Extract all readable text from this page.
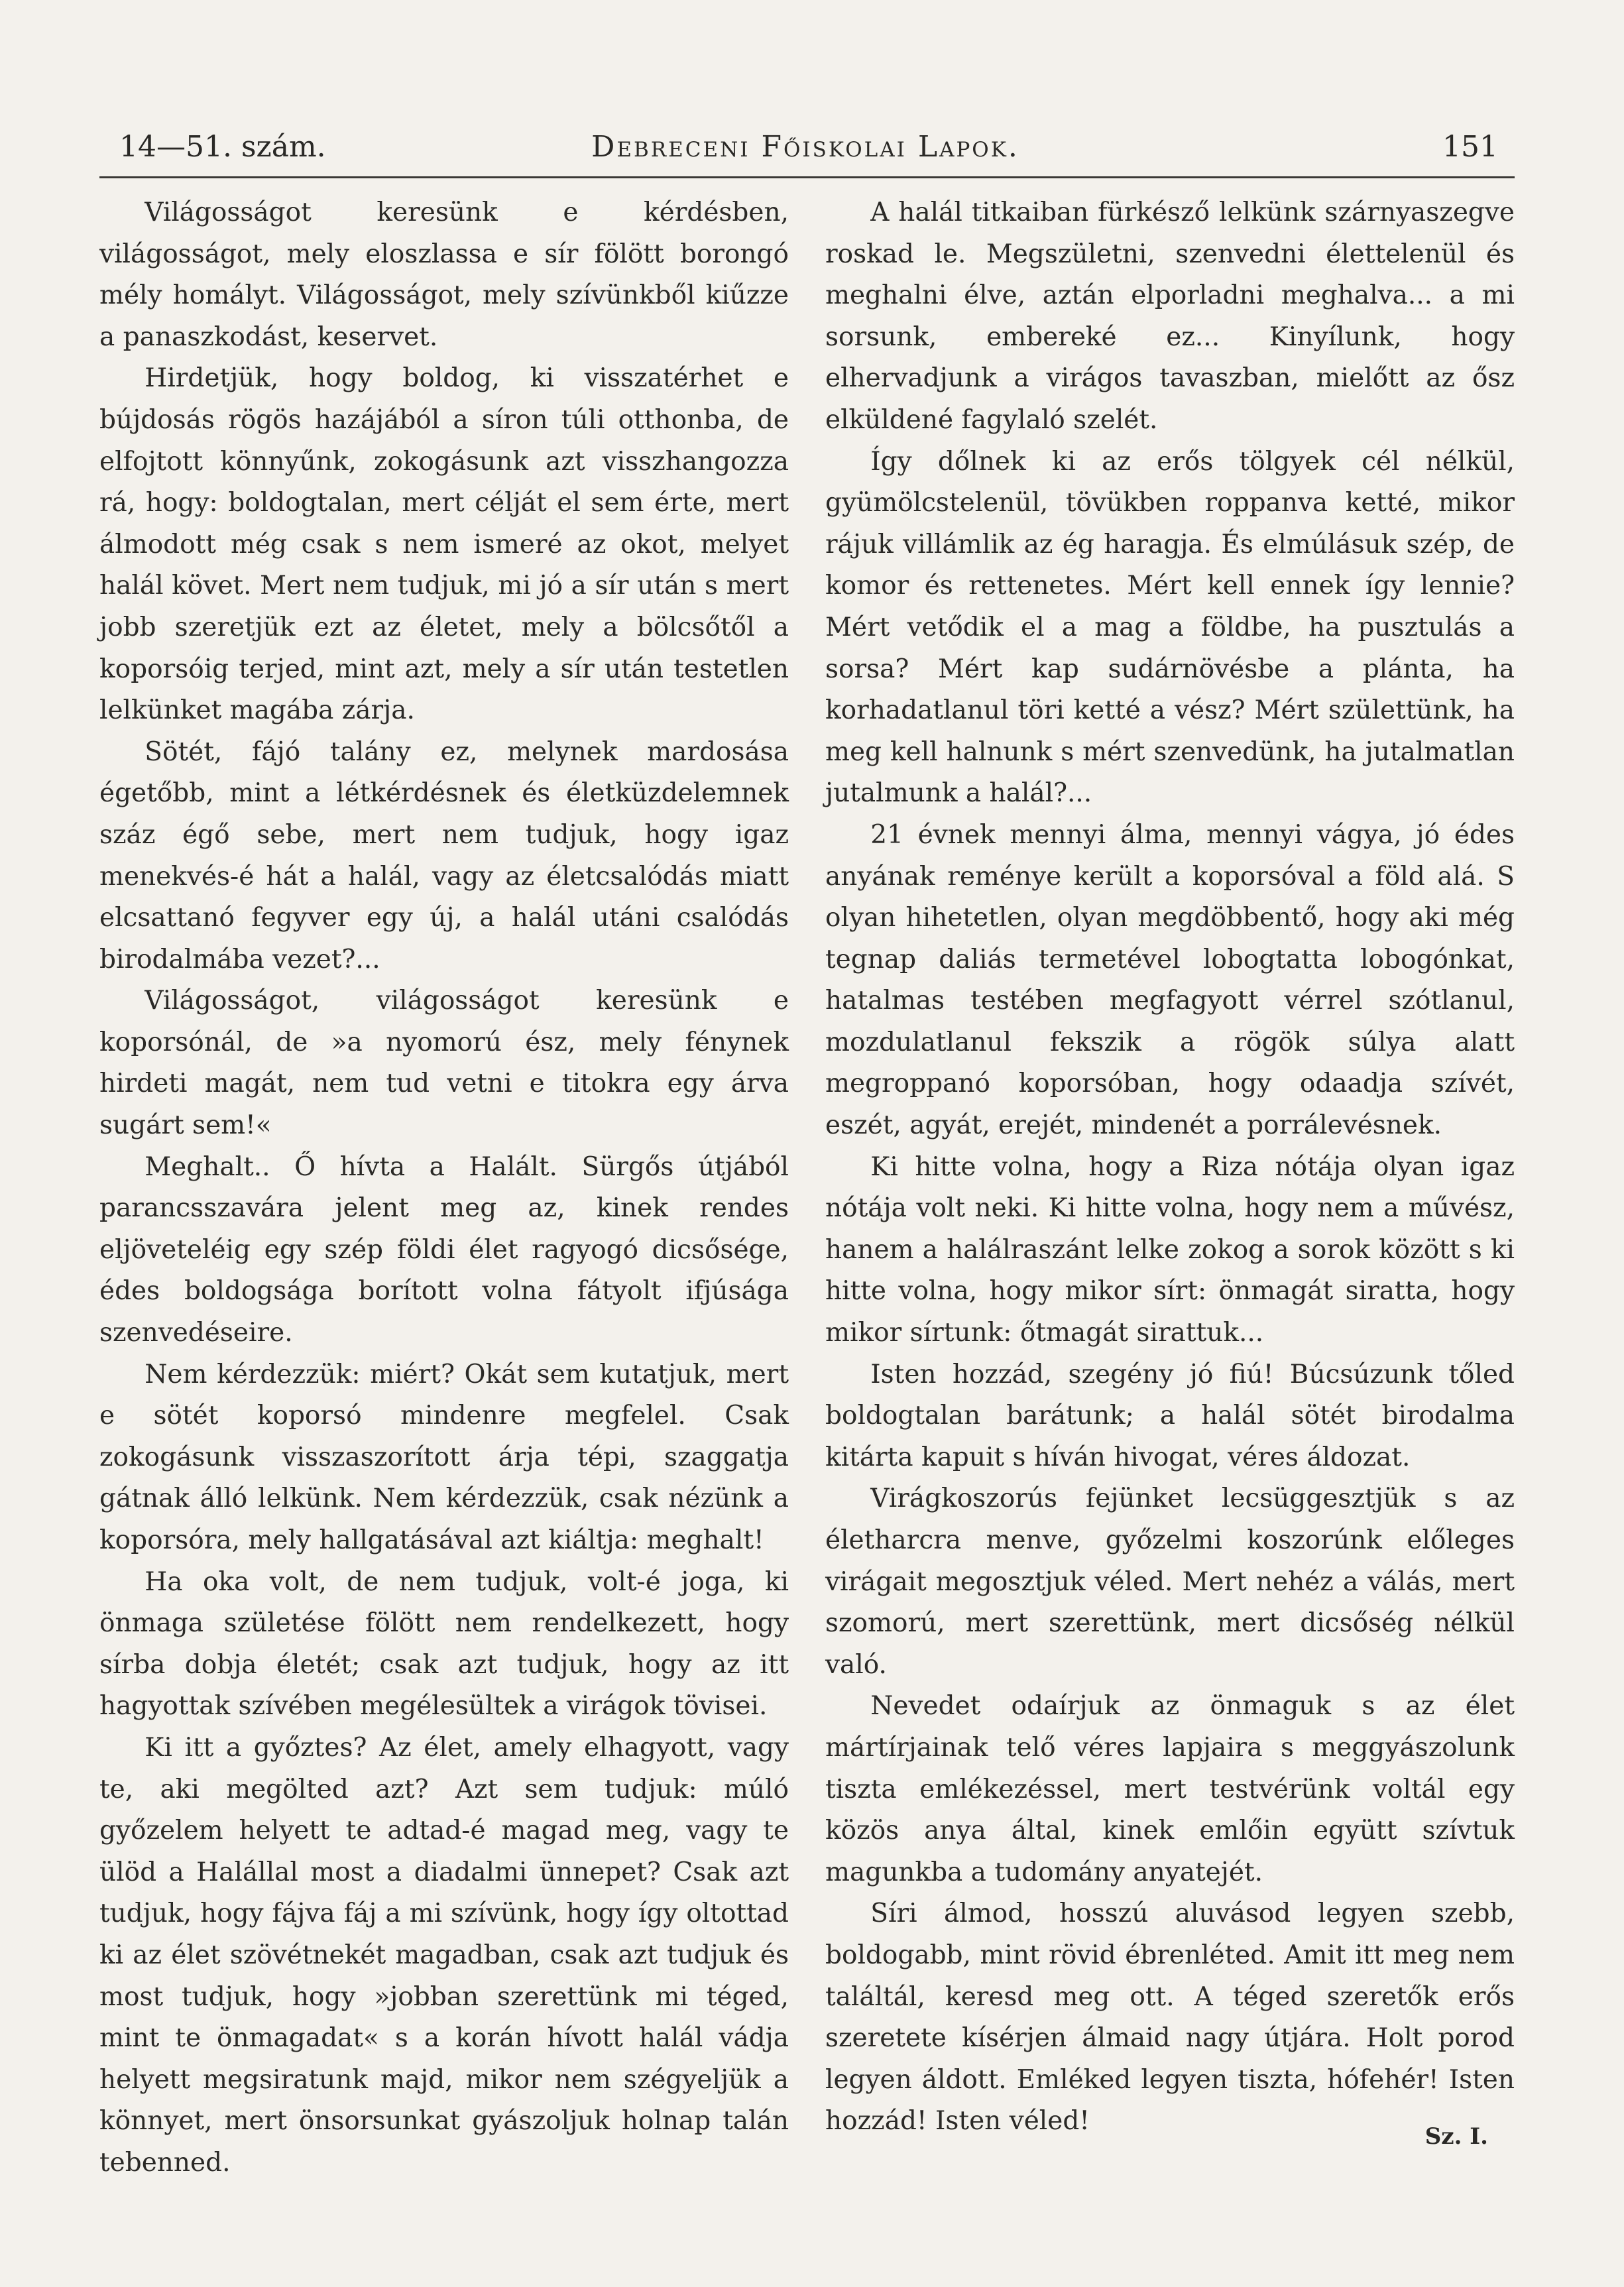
14—51. szám.	Debreceni Főiskolai Lapok.	151

Világosságot keresünk e kérdésben, világosságot, mely eloszlassa e sír fölött borongó mély homályt. Világosságot, mely szívünkből kiűzze a panaszkodást, keservet.

Hirdetjük, hogy boldog, ki visszatérhet e bújdosás rögös hazájából a síron túli otthonba, de elfojtott könnyűnk, zokogásunk azt visszhangozza rá, hogy: boldogtalan, mert célját el sem érte, mert álmodott még csak s nem ismeré az okot, melyet halál követ. Mert nem tudjuk, mi jó a sír után s mert jobb szeretjük ezt az életet, mely a bölcsőtől a koporsóig terjed, mint azt, mely a sír után testetlen lelkünket magába zárja.

Sötét, fájó talány ez, melynek mardosása égetőbb, mint a létkérdésnek és életküzdelemnek száz égő sebe, mert nem tudjuk, hogy igaz menekvés-é hát a halál, vagy az életcsalódás miatt elcsattanó fegyver egy új, a halál utáni csalódás birodalmába vezet?...

Világosságot, világosságot keresünk e koporsónál, de »a nyomorú ész, mely fénynek hirdeti magát, nem tud vetni e titokra egy árva sugárt sem!«

Meghalt.. Ő hívta a Halált. Sürgős útjából parancsszavára jelent meg az, kinek rendes eljöveteléig egy szép földi élet ragyogó dicsősége, édes boldogsága borított volna fátyolt ifjúsága szenvedéseire.

Nem kérdezzük: miért? Okát sem kutatjuk, mert e sötét koporsó mindenre megfelel. Csak zokogásunk visszaszorított árja tépi, szaggatja gátnak álló lelkünk. Nem kérdezzük, csak nézünk a koporsóra, mely hallgatásával azt kiáltja: meghalt!

Ha oka volt, de nem tudjuk, volt-é joga, ki önmaga születése fölött nem rendelkezett, hogy sírba dobja életét; csak azt tudjuk, hogy az itt hagyottak szívében megélesültek a virágok tövisei.

Ki itt a győztes? Az élet, amely elhagyott, vagy te, aki megölted azt? Azt sem tudjuk: múló győzelem helyett te adtad-é magad meg, vagy te ülöd a Halállal most a diadalmi ünnepet? Csak azt tudjuk, hogy fájva fáj a mi szívünk, hogy így oltottad ki az élet szövétnekét magadban, csak azt tudjuk és most tudjuk, hogy »jobban szerettünk mi téged, mint te önmagadat« s a korán hívott halál vádja helyett megsiratunk majd, mikor nem szégyeljük a könnyet, mert önsorsunkat gyászoljuk holnap talán tebenned.

A halál titkaiban fürkésző lelkünk szárnyaszegve roskad le. Megszületni, szenvedni élettelenül és meghalni élve, aztán elporladni meghalva... a mi sorsunk, embereké ez... Kinyílunk, hogy elhervadjunk a virágos tavaszban, mielőtt az ősz elküldené fagylaló szelét.

Így dőlnek ki az erős tölgyek cél nélkül, gyümölcstelenül, tövükben roppanva ketté, mikor rájuk villámlik az ég haragja. És elmúlásuk szép, de komor és rettenetes. Mért kell ennek így lennie? Mért vetődik el a mag a földbe, ha pusztulás a sorsa? Mért kap sudárnövésbe a plánta, ha korhadatlanul töri ketté a vész? Mért születtünk, ha meg kell halnunk s mért szenvedünk, ha jutalmatlan jutalmunk a halál?...

21 évnek mennyi álma, mennyi vágya, jó édes anyának reménye került a koporsóval a föld alá. S olyan hihetetlen, olyan megdöbbentő, hogy aki még tegnap daliás termetével lobogtatta lobogónkat, hatalmas testében megfagyott vérrel szótlanul, mozdulatlanul fekszik a rögök súlya alatt megroppanó koporsóban, hogy odaadja szívét, eszét, agyát, erejét, mindenét a porrálevésnek.

Ki hitte volna, hogy a Riza nótája olyan igaz nótája volt neki. Ki hitte volna, hogy nem a művész, hanem a halálraszánt lelke zokog a sorok között s ki hitte volna, hogy mikor sírt: önmagát siratta, hogy mikor sírtunk: őtmagát sirattuk...

Isten hozzád, szegény jó fiú! Búcsúzunk tőled boldogtalan barátunk; a halál sötét birodalma kitárta kapuit s híván hivogat, véres áldozat.

Virágkoszorús fejünket lecsüggesztjük s az életharcra menve, győzelmi koszorúnk előleges virágait megosztjuk véled. Mert nehéz a válás, mert szomorú, mert szerettünk, mert dicsőség nélkül való.

Nevedet odaírjuk az önmaguk s az élet mártírjainak telő véres lapjaira s meggyászolunk tiszta emlékezéssel, mert testvérünk voltál egy közös anya által, kinek emlőin együtt szívtuk magunkba a tudomány anyatejét.

Síri álmod, hosszú aluvásod legyen szebb, boldogabb, mint rövid ébrenléted. Amit itt meg nem találtál, keresd meg ott. A téged szeretők erős szeretete kísérjen álmaid nagy útjára. Holt porod legyen áldott. Emléked legyen tiszta, hófehér! Isten hozzád! Isten véled!

Sz. I.
